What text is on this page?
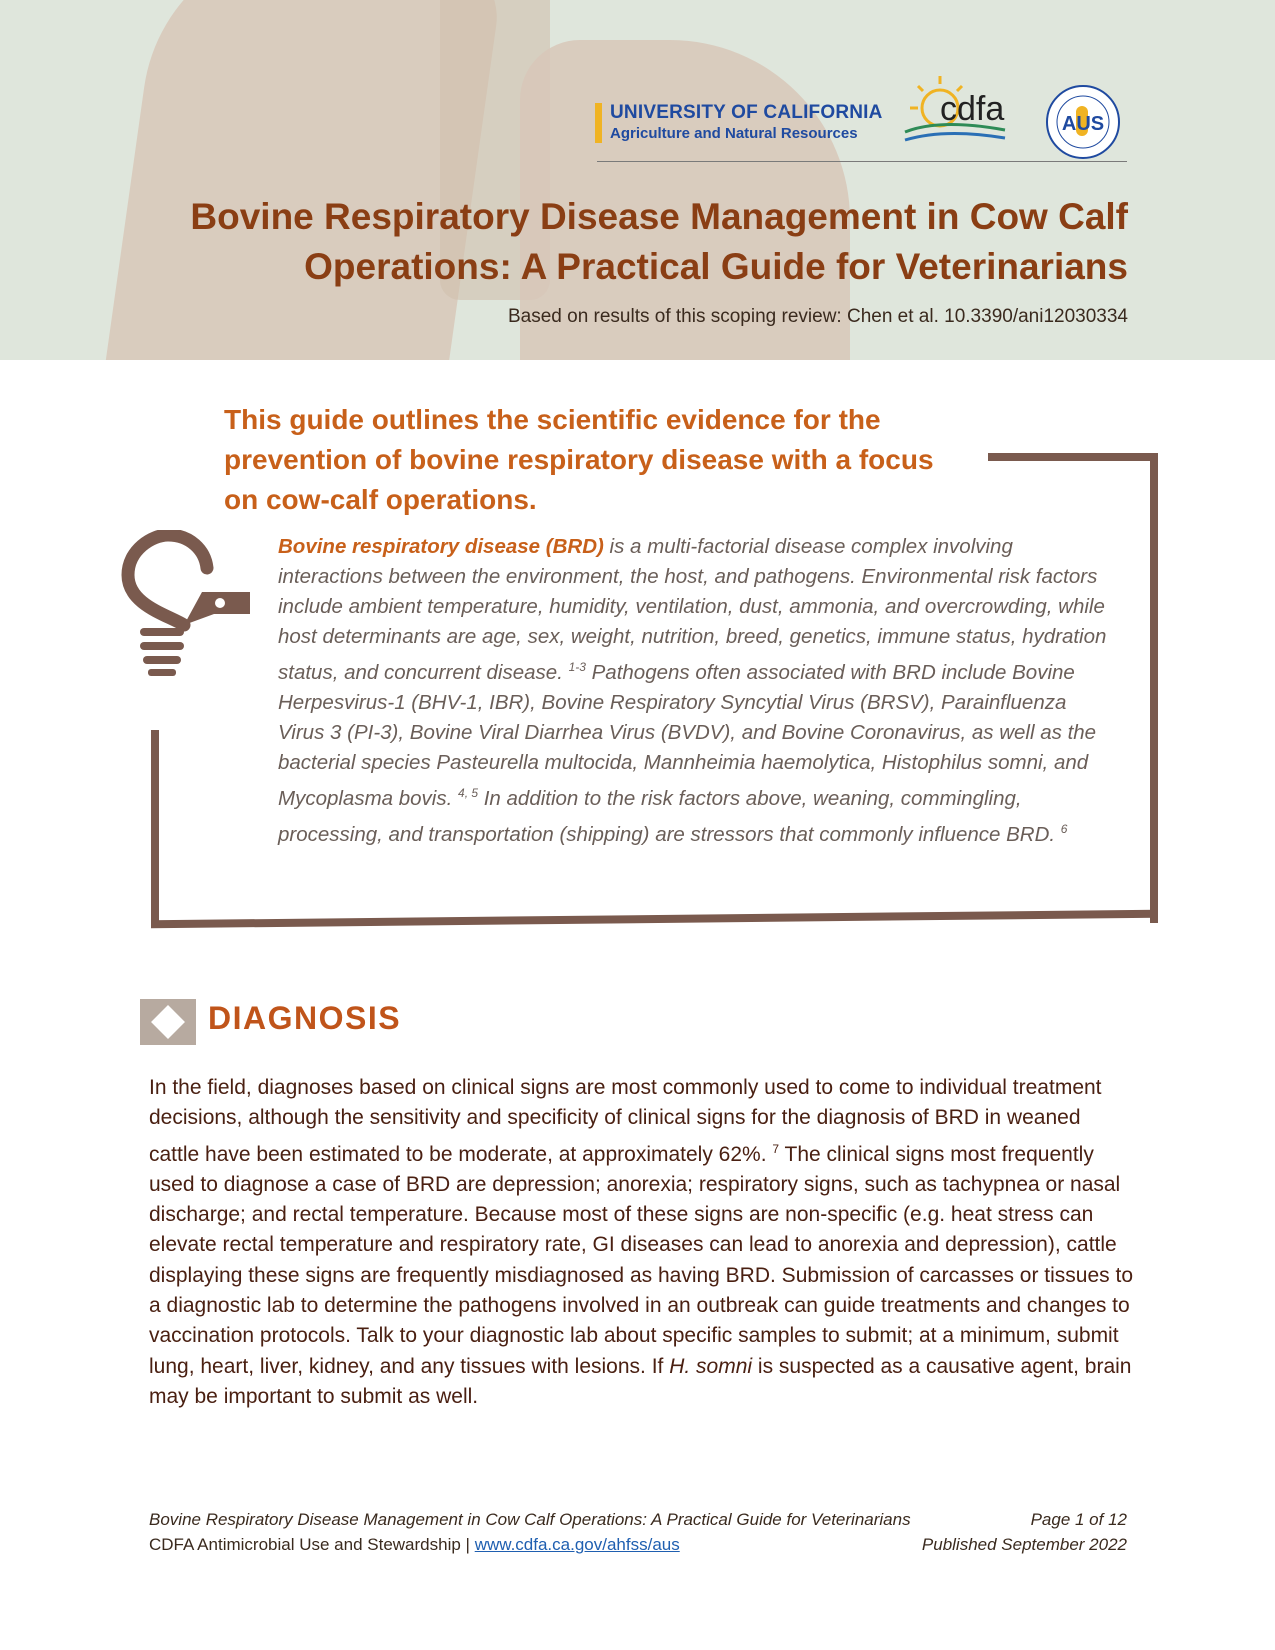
UNIVERSITY OF CALIFORNIA
Agriculture and Natural Resources
cdfa	AUS
Bovine Respiratory Disease Management in Cow Calf
Operations: A Practical Guide for Veterinarians
Based on results of this scoping review: Chen et al. 10.3390/ani12030334
This guide outlines the scientific evidence for the
prevention of bovine respiratory disease with a focus
on cow-calf operations.
Bovine respiratory disease (BRD) is a multi-factorial disease complex involving interactions between the environment, the host, and pathogens. Environmental risk factors include ambient temperature, humidity, ventilation, dust, ammonia, and overcrowding, while host determinants are age, sex, weight, nutrition, breed, genetics, immune status, hydration status, and concurrent disease. $^{1-3}$ Pathogens often associated with BRD include Bovine Herpesvirus-1 (BHV-1, IBR), Bovine Respiratory Syncytial Virus (BRSV), Parainfluenza Virus 3 (PI-3), Bovine Viral Diarrhea Virus (BVDV), and Bovine Coronavirus, as well as the bacterial species Pasteurella multocida, Mannheimia haemolytica, Histophilus somni, and Mycoplasma bovis. $^{4, 5}$ In addition to the risk factors above, weaning, commingling, processing, and transportation (shipping) are stressors that commonly influence BRD. $^6$
DIAGNOSIS
In the field, diagnoses based on clinical signs are most commonly used to come to individual treatment decisions, although the sensitivity and specificity of clinical signs for the diagnosis of BRD in weaned cattle have been estimated to be moderate, at approximately 62%. $^7$ The clinical signs most frequently used to diagnose a case of BRD are depression; anorexia; respiratory signs, such as tachypnea or nasal discharge; and rectal temperature. Because most of these signs are non-specific (e.g. heat stress can elevate rectal temperature and respiratory rate, GI diseases can lead to anorexia and depression), cattle displaying these signs are frequently misdiagnosed as having BRD. Submission of carcasses or tissues to a diagnostic lab to determine the pathogens involved in an outbreak can guide treatments and changes to vaccination protocols. Talk to your diagnostic lab about specific samples to submit; at a minimum, submit lung, heart, liver, kidney, and any tissues with lesions. If H. somni is suspected as a causative agent, brain may be important to submit as well.
Bovine Respiratory Disease Management in Cow Calf Operations: A Practical Guide for Veterinarians	Page 1 of 12
CDFA Antimicrobial Use and Stewardship | www.cdfa.ca.gov/ahfss/aus	Published September 2022
